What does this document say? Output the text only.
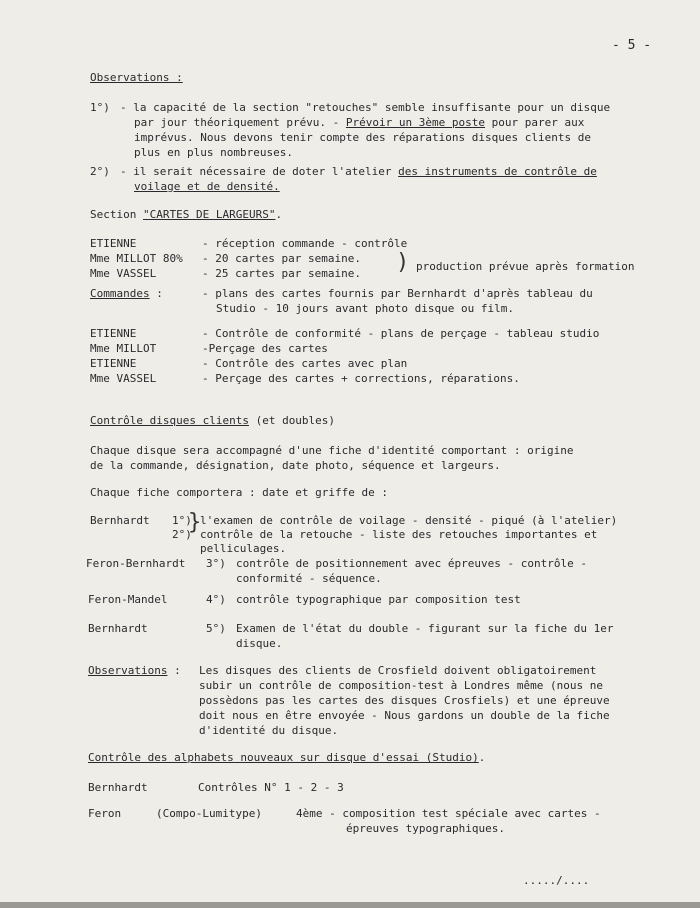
- 5 -
Observations :
1°) - la capacité de la section "retouches" semble insuffisante pour un disque
par jour théoriquement prévu. - Prévoir un 3ème poste pour parer aux
imprévus. Nous devons tenir compte des réparations disques clients de
plus en plus nombreuses.
2°) - il serait nécessaire de doter l'atelier des instruments de contrôle de
voilage et de densité.
Section "CARTES DE LARGEURS".
ETIENNE	- réception commande - contrôle
Mme MILLOT 80% - 20 cartes par semaine.
Mme VASSEL	- 25 cartes par semaine. ) production prévue après formation
Commandes :	- plans des cartes fournis par Bernhardt d'après tableau du
Studio - 10 jours avant photo disque ou film.
ETIENNE	- Contrôle de conformité - plans de perçage - tableau studio
Mme MILLOT	-Perçage des cartes
ETIENNE	- Contrôle des cartes avec plan
Mme VASSEL	- Perçage des cartes + corrections, réparations.
Contrôle disques clients (et doubles)
Chaque disque sera accompagné d'une fiche d'identité comportant : origine
de la commande, désignation, date photo, séquence et largeurs.
Chaque fiche comportera : date et griffe de :
Bernhardt 1°) l'examen de contrôle de voilage - densité - piqué (à l'atelier)
2°) contrôle de la retouche - liste des retouches importantes et
pelliculages.
}
Feron-Bernhardt 3°) contrôle de positionnement avec épreuves - contrôle -
conformité - séquence.
Feron-Mandel	4°) contrôle typographique par composition test
Bernhardt	5°) Examen de l'état du double - figurant sur la fiche du 1er
disque.
Observations : Les disques des clients de Crosfield doivent obligatoirement
subir un contrôle de composition-test à Londres même (nous ne
possèdons pas les cartes des disques Crosfiels) et une épreuve
doit nous en être envoyée - Nous gardons un double de la fiche
d'identité du disque.
Contrôle des alphabets nouveaux sur disque d'essai (Studio).
Bernhardt	Contrôles N° 1 - 2 - 3
Feron	(Compo-Lumitype)	4ème - composition test spéciale avec cartes -
épreuves typographiques.
...../....
